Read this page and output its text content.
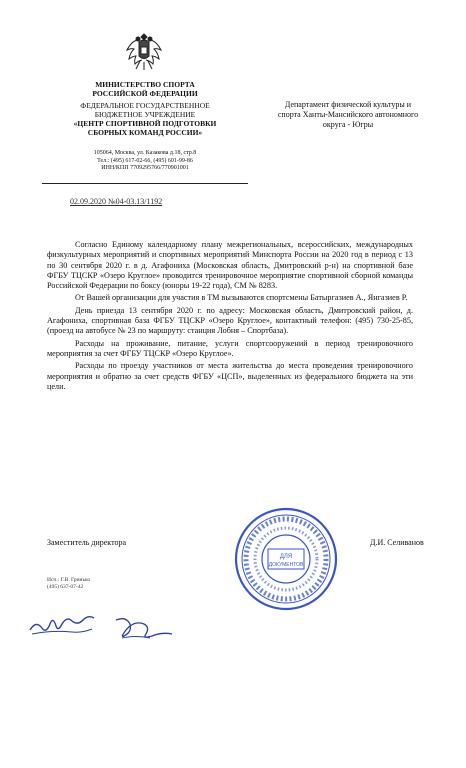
МИНИСТЕРСТВО СПОРТА
РОССИЙСКОЙ ФЕДЕРАЦИИ
ФЕДЕРАЛЬНОЕ ГОСУДАРСТВЕННОЕ
БЮДЖЕТНОЕ УЧРЕЖДЕНИЕ
«ЦЕНТР СПОРТИВНОЙ ПОДГОТОВКИ
СБОРНЫХ КОМАНД РОССИИ»
105064, Москва, ул. Казакова д.18, стр.8
Тел.: (495) 617-02-66, (495) 601-99-86
ИНН/КПП 7709295766/770901001
02.09.2020 №04-03.13/1192
Департамент физической культуры и
спорта Ханты-Мансийского автономного
округа - Югры

Согласно Единому календарному плану межрегиональных, всероссийских, международных физкультурных мероприятий и спортивных мероприятий Минспорта России на 2020 год в период с 13 по 30 сентября 2020 г. в д. Агафониха (Московская область, Дмитровский р-н) на спортивной базе ФГБУ ТЦСКР «Озеро Круглое» проводится тренировочное мероприятие спортивной сборной команды Российской Федерации по боксу (юноры 19-22 года), СМ № 8283.

От Вашей организации для участия в ТМ вызываются спортсмены Батыргазиев А., Янгазиев Р.

День приезда 13 сентября 2020 г. по адресу: Московская область, Дмитровский район, д. Агафониха, спортивная база ФГБУ ТЦСКР «Озеро Круглое», контактный телефон: (495) 730-25-85, (проезд на автобусе № 23 по маршруту: станция Лобня – Спортбаза).

Расходы на проживание, питание, услуги спортсооружений в период тренировочного мероприятия за счет ФГБУ ТЦСКР «Озеро Круглое».

Расходы по проезду участников от места жительства до места проведения тренировочного мероприятия и обратно за счет средств ФГБУ «ЦСП», выделенных из федерального бюджета на эти цели.

Заместитель директора	Д.И. Селиванов
ДЛЯ
ДОКУМЕНТОВ
Исп.: Г.В. Гринько
(495) 637-07-42
